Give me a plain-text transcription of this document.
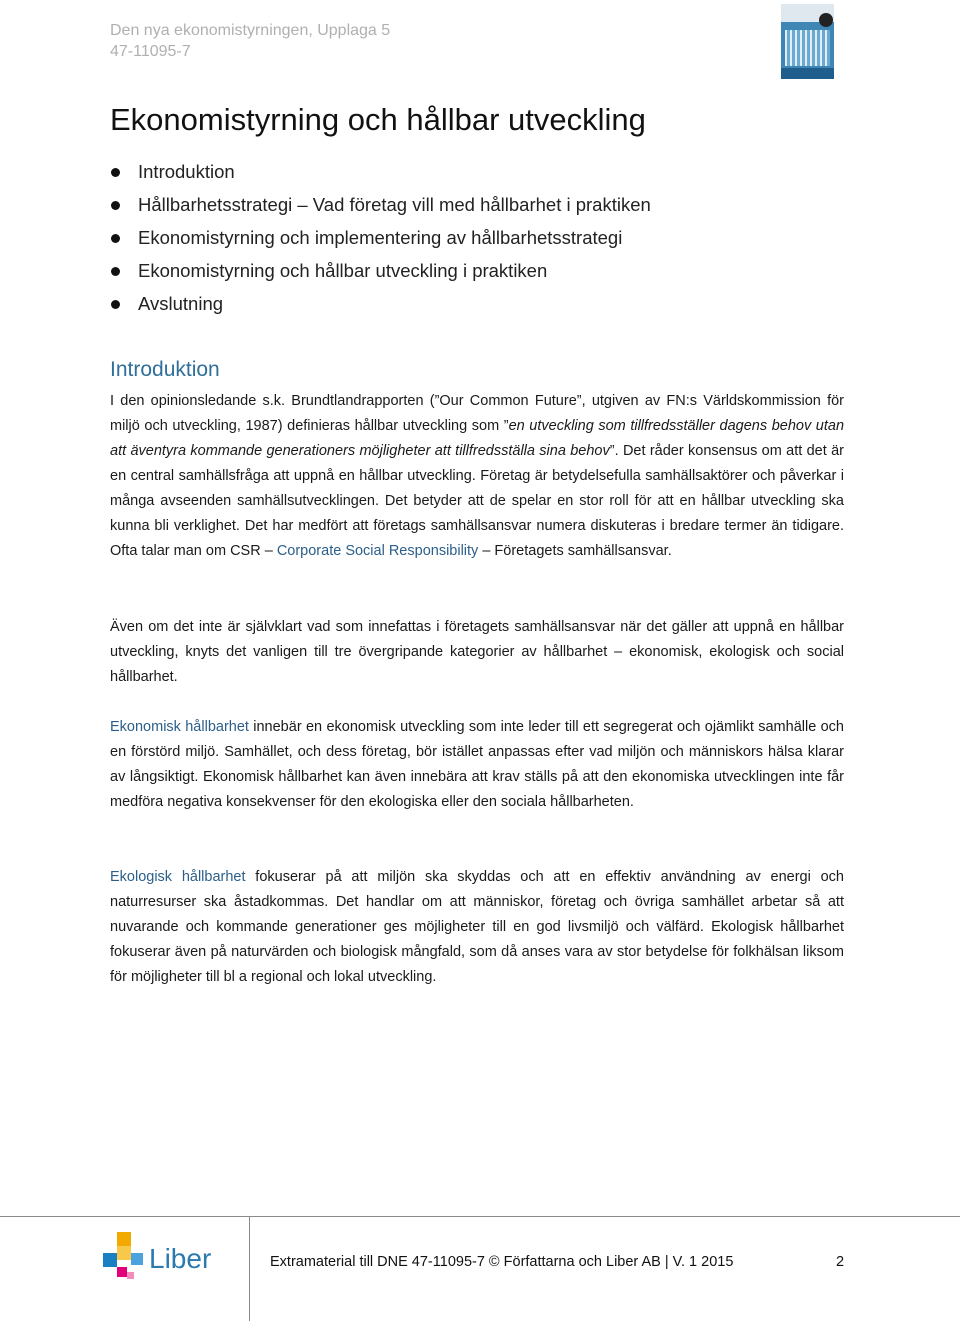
Den nya ekonomistyrningen, Upplaga 5
47-11095-7
Ekonomistyrning och hållbar utveckling
Introduktion
Hållbarhetsstrategi – Vad företag vill med hållbarhet i praktiken
Ekonomistyrning och implementering av hållbarhetsstrategi
Ekonomistyrning och hållbar utveckling i praktiken
Avslutning
Introduktion

I den opinionsledande s.k. Brundtlandrapporten (”Our Common Future”, utgiven av FN:s Världskommission för miljö och utveckling, 1987) definieras hållbar utveckling som ”en utveckling som tillfredsställer dagens behov utan att äventyra kommande generationers möjligheter att tillfredsställa sina behov”. Det råder konsensus om att det är en central samhällsfråga att uppnå en hållbar utveckling. Företag är betydelsefulla samhällsaktörer och påverkar i många avseenden samhällsutvecklingen. Det betyder att de spelar en stor roll för att en hållbar utveckling ska kunna bli verklighet. Det har medfört att företags samhällsansvar numera diskuteras i bredare termer än tidigare. Ofta talar man om CSR – Corporate Social Responsibility – Företagets samhällsansvar.

Även om det inte är självklart vad som innefattas i företagets samhällsansvar när det gäller att uppnå en hållbar utveckling, knyts det vanligen till tre övergripande kategorier av hållbarhet – ekonomisk, ekologisk och social hållbarhet.

Ekonomisk hållbarhet innebär en ekonomisk utveckling som inte leder till ett segregerat och ojämlikt samhälle och en förstörd miljö. Samhället, och dess företag, bör istället anpassas efter vad miljön och människors hälsa klarar av långsiktigt. Ekonomisk hållbarhet kan även innebära att krav ställs på att den ekonomiska utvecklingen inte får medföra negativa konsekvenser för den ekologiska eller den sociala hållbarheten.

Ekologisk hållbarhet fokuserar på att miljön ska skyddas och att en effektiv användning av energi och naturresurser ska åstadkommas. Det handlar om att människor, företag och övriga samhället arbetar så att nuvarande och kommande generationer ges möjligheter till en god livsmiljö och välfärd. Ekologisk hållbarhet fokuserar även på naturvärden och biologisk mångfald, som då anses vara av stor betydelse för folkhälsan liksom för möjligheter till bl a regional och lokal utveckling.

Liber	Extramaterial till DNE 47-11095-7 © Författarna och Liber AB | V. 1 2015	2
